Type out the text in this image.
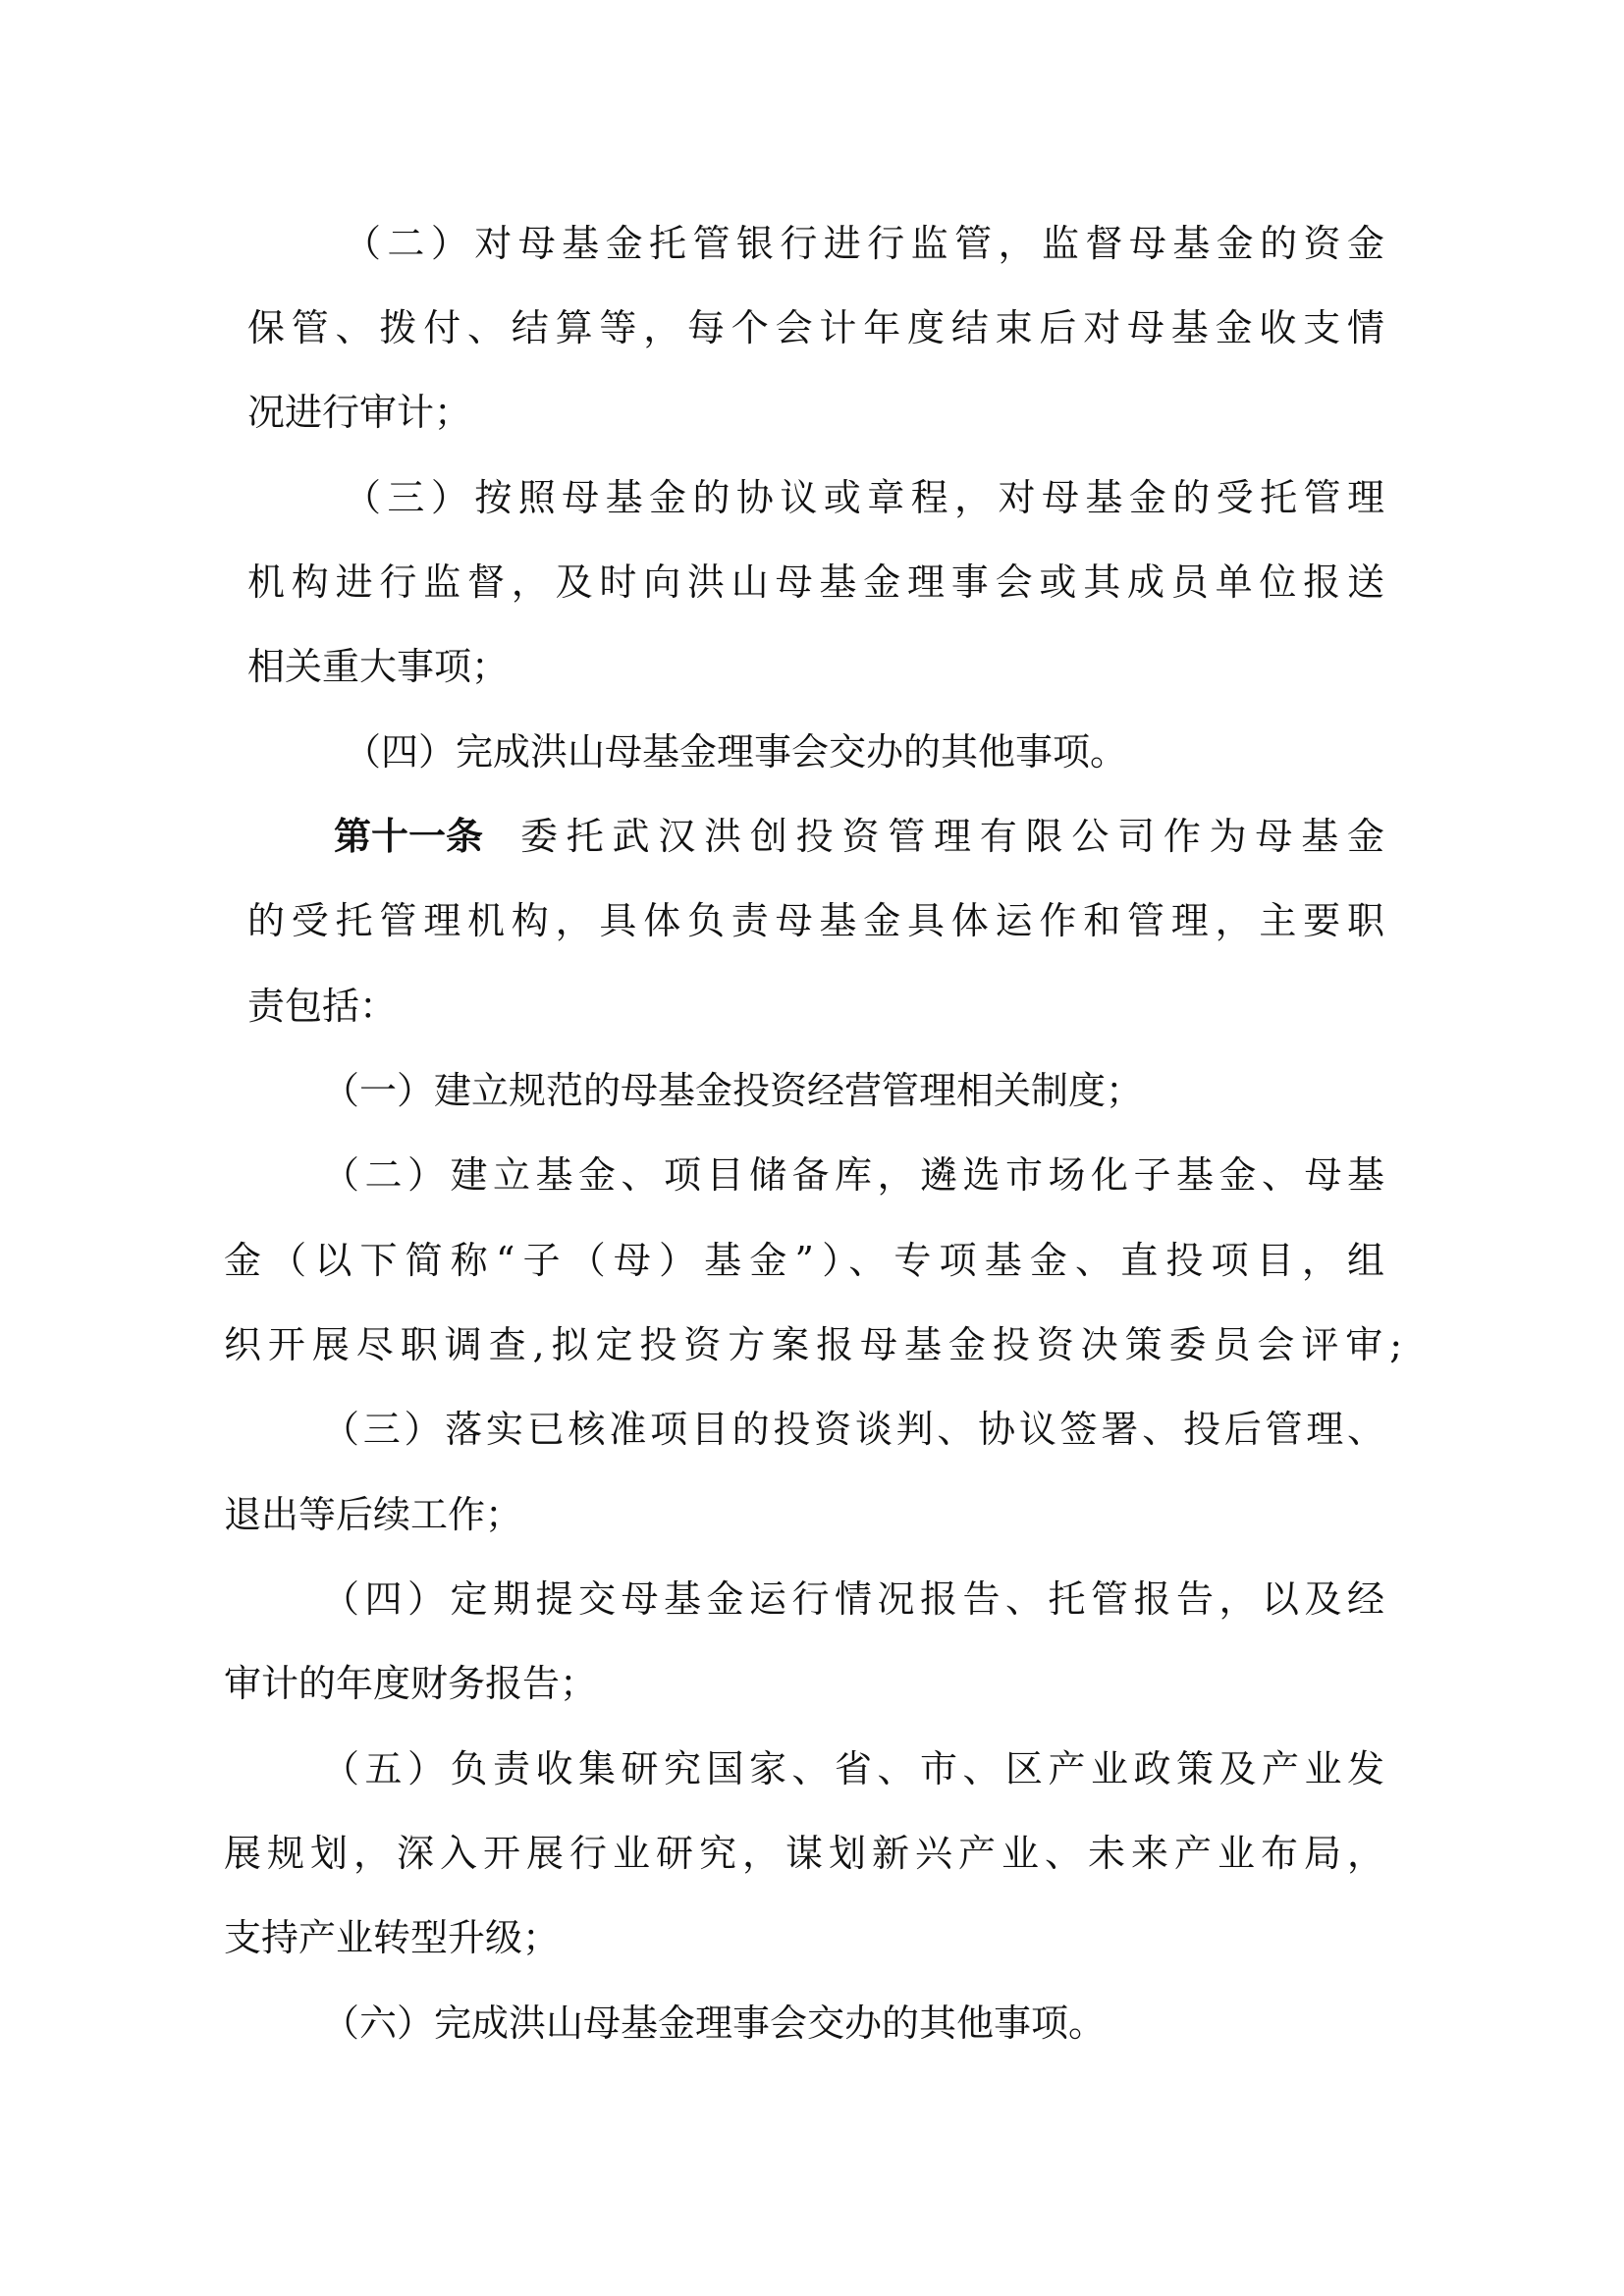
（二）对母基金托管银行进行监管，监督母基金的资金
保管、拨付、结算等，每个会计年度结束后对母基金收支情
况进行审计；
（三）按照母基金的协议或章程，对母基金的受托管理
机构进行监督，及时向洪山母基金理事会或其成员单位报送
相关重大事项；
（四）完成洪山母基金理事会交办的其他事项。
第十一条 委托武汉洪创投资管理有限公司作为母基金
的受托管理机构，具体负责母基金具体运作和管理，主要职
责包括：
（一）建立规范的母基金投资经营管理相关制度；
（二）建立基金、项目储备库，遴选市场化子基金、母基
金（以下简称“子（母）基金”）、专项基金、直投项目，组
织开展尽职调查,拟定投资方案报母基金投资决策委员会评审;
（三）落实已核准项目的投资谈判、协议签署、投后管理、
退出等后续工作；
（四）定期提交母基金运行情况报告、托管报告，以及经
审计的年度财务报告；
（五）负责收集研究国家、省、市、区产业政策及产业发
展规划，深入开展行业研究，谋划新兴产业、未来产业布局，
支持产业转型升级；
（六）完成洪山母基金理事会交办的其他事项。
